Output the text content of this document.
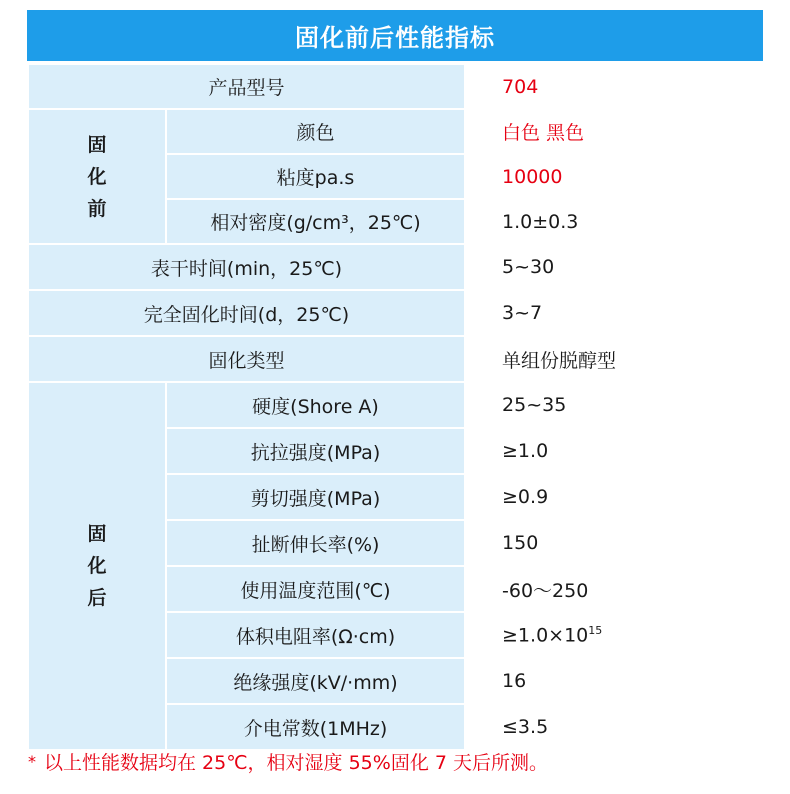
固化前后性能指标
产品型号		704

固
化
前	颜色	白色 黑色
	粘度pa.s	10000
	相对密度(g/cm³，25℃)	1.0±0.3
表干时间(min，25℃)		5~30
完全固化时间(d，25℃)		3~7
固化类型		单组份脱醇型

固
化
后	硬度(Shore A)	25~35
	抗拉强度(MPa)	≥1.0
	剪切强度(MPa)	≥0.9
	扯断伸长率(%)	150
	使用温度范围(℃)	-60～250
	体积电阻率(Ω·cm)	$\ge 1.0\times 10^{15}$
	绝缘强度(kV/·mm)	16
	介电常数(1MHz)	≤3.5
* 以上性能数据均在 25℃，相对湿度 55%固化 7 天后所测。
